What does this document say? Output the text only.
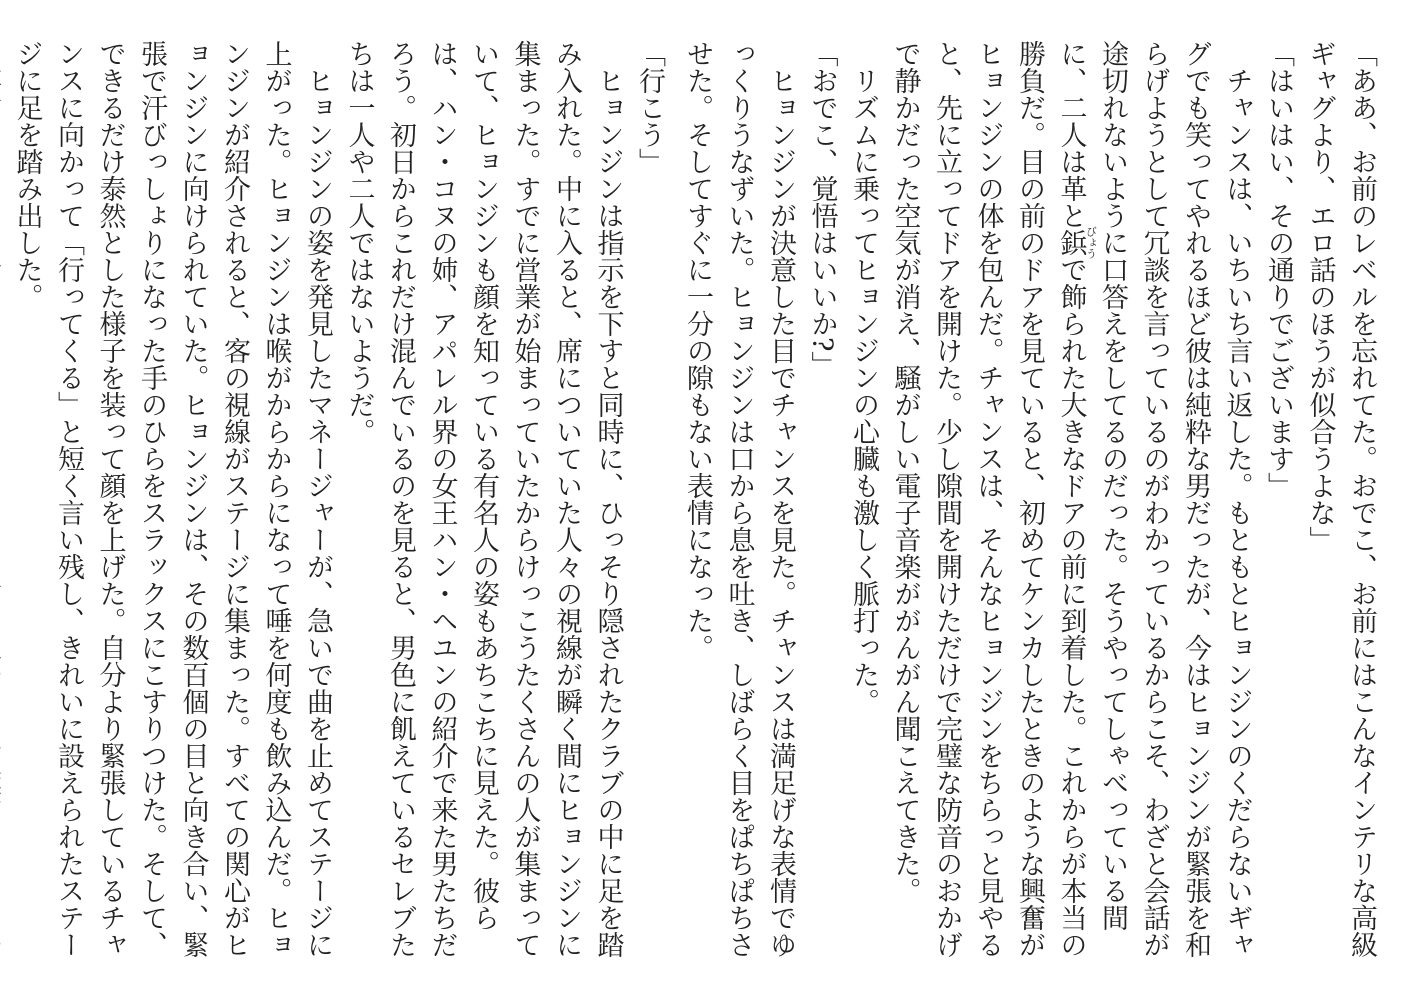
「ああ、お前のレベルを忘れてた。おでこ、お前にはこんなインテリな高級ギャグより、エロ話のほうが似合うよな」

「はいはい、その通りでございます」

チャンスは、いちいち言い返した。もともとヒョンジンのくだらないギャグでも笑ってやれるほど彼は純粋な男だったが、今はヒョンジンが緊張を和らげようとして冗談を言っているのがわかっているからこそ、わざと会話が途切れないように口答えをしてるのだった。そうやってしゃべっている間に、二人は革と鋲びょうで飾られた大きなドアの前に到着した。これからが本当の勝負だ。目の前のドアを見ていると、初めてケンカしたときのような興奮がヒョンジンの体を包んだ。チャンスは、そんなヒョンジンをちらっと見やると、先に立ってドアを開けた。少し隙間を開けただけで完璧な防音のおかげで静かだった空気が消え、騒がしい電子音楽ががんがん聞こえてきた。

リズムに乗ってヒョンジンの心臓も激しく脈打った。

「おでこ、覚悟はいいか?」

ヒョンジンが決意した目でチャンスを見た。チャンスは満足げな表情でゆっくりうなずいた。ヒョンジンは口から息を吐き、しばらく目をぱちぱちさせた。そしてすぐに一分の隙もない表情になった。

「行こう」

ヒョンジンは指示を下すと同時に、ひっそり隠されたクラブの中に足を踏み入れた。中に入ると、席についていた人々の視線が瞬く間にヒョンジンに集まった。すでに営業が始まっていたからけっこうたくさんの人が集まっていて、ヒョンジンも顔を知っている有名人の姿もあちこちに見えた。彼らは、ハン・コヌの姉、アパレル界の女王ハン・ヘユンの紹介で来た男たちだろう。初日からこれだけ混んでいるのを見ると、男色に飢えているセレブたちは一人や二人ではないようだ。

ヒョンジンの姿を発見したマネージャーが、急いで曲を止めてステージに上がった。ヒョンジンは喉がからからになって唾を何度も飲み込んだ。ヒョンジンが紹介されると、客の視線がステージに集まった。すべての関心がヒョンジンに向けられていた。ヒョンジンは、その数百個の目と向き合い、緊張で汗びっしょりになった手のひらをスラックスにこすりつけた。そして、できるだけ泰然とした様子を装って顔を上げた。自分より緊張しているチャンスに向かって「行ってくる」と短く言い残し、きれいに設えられたステージに足を踏み出した。
